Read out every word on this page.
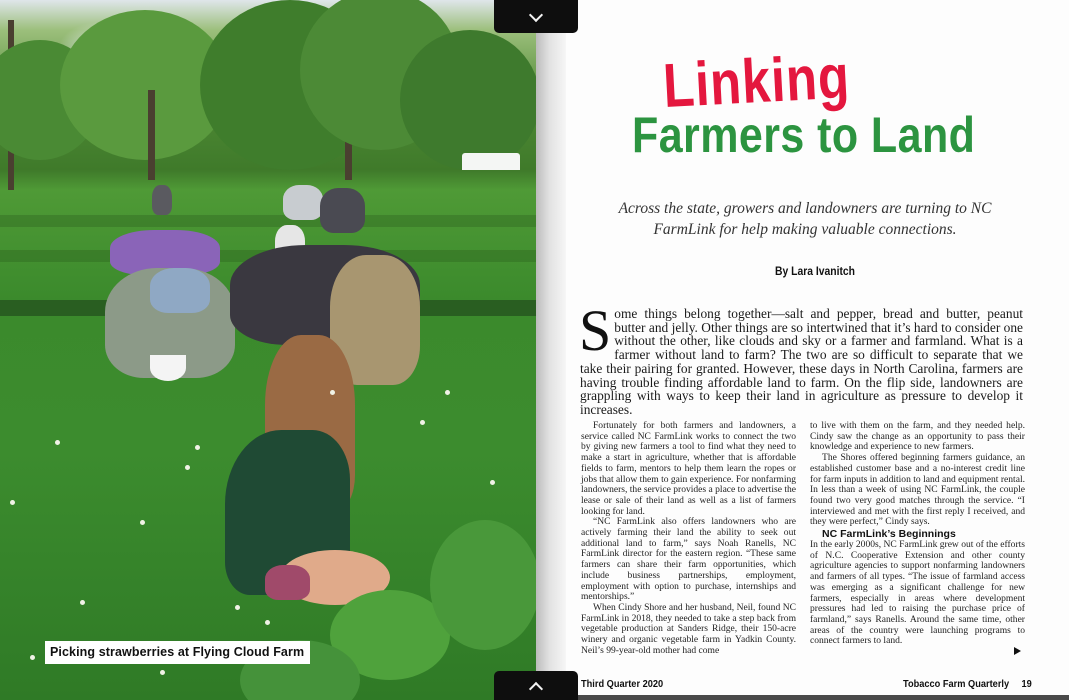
Picking strawberries at Flying Cloud Farm
Farmers to Land
Linking
Across the state, growers and landowners are turning to NC FarmLink for help making valuable connections.
By Lara Ivanitch
Some things belong together—salt and pepper, bread and butter, peanut butter and jelly. Other things are so intertwined that it’s hard to consider one without the other, like clouds and sky or a farmer and farmland. What is a farmer without land to farm? The two are so difficult to separate that we take their pairing for granted. However, these days in North Carolina, farmers are having trouble finding affordable land to farm. On the flip side, landowners are grappling with ways to keep their land in agriculture as pressure to develop it increases.

Fortunately for both farmers and landowners, a service called NC FarmLink works to connect the two by giving new farmers a tool to find what they need to make a start in agriculture, whether that is affordable fields to farm, mentors to help them learn the ropes or jobs that allow them to gain experience. For nonfarming landowners, the service provides a place to advertise the lease or sale of their land as well as a list of farmers looking for land.

“NC FarmLink also offers landowners who are actively farming their land the ability to seek out additional land to farm,” says Noah Ranells, NC FarmLink director for the eastern region. “These same farmers can share their farm opportunities, which include business partnerships, employment, employment with option to purchase, internships and mentorships.”

When Cindy Shore and her husband, Neil, found NC FarmLink in 2018, they needed to take a step back from vegetable production at Sanders Ridge, their 150-acre winery and organic vegetable farm in Yadkin County. Neil’s 99-year-old mother had come

to live with them on the farm, and they needed help. Cindy saw the change as an opportunity to pass their knowledge and experience to new farmers.

The Shores offered beginning farmers guidance, an established customer base and a no-interest credit line for farm inputs in addition to land and equipment rental. In less than a week of using NC FarmLink, the couple found two very good matches through the service. “I interviewed and met with the first reply I received, and they were perfect,” Cindy says.

NC FarmLink’s Beginnings

In the early 2000s, NC FarmLink grew out of the efforts of N.C. Cooperative Extension and other county agriculture agencies to support nonfarming landowners and farmers of all types. “The issue of farmland access was emerging as a significant challenge for new farmers, especially in areas where development pressures had led to raising the purchase price of farmland,” says Ranells. Around the same time, other areas of the country were launching programs to connect farmers to land.

Third Quarter 2020	Tobacco Farm Quarterly 19
